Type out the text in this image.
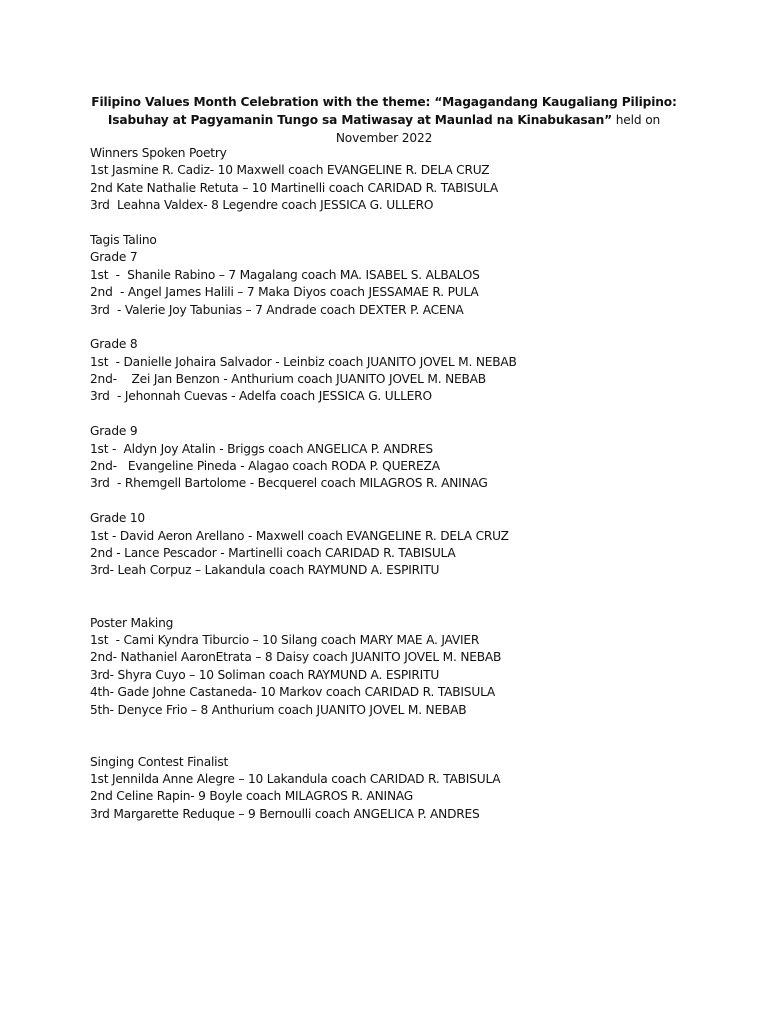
Filipino Values Month Celebration with the theme: “Magagandang Kaugaliang Pilipino: Isabuhay at Pagyamanin Tungo sa Matiwasay at Maunlad na Kinabukasan” held on November 2022
Winners Spoken Poetry
1st Jasmine R. Cadiz- 10 Maxwell coach EVANGELINE R. DELA CRUZ
2nd Kate Nathalie Retuta – 10 Martinelli coach CARIDAD R. TABISULA
3rd  Leahna Valdex- 8 Legendre coach JESSICA G. ULLERO
Tagis Talino
Grade 7
1st  -  Shanile Rabino – 7 Magalang coach MA. ISABEL S. ALBALOS
2nd  - Angel James Halili – 7 Maka Diyos coach JESSAMAE R. PULA
3rd  - Valerie Joy Tabunias – 7 Andrade coach DEXTER P. ACENA
Grade 8
1st  - Danielle Johaira Salvador - Leinbiz coach JUANITO JOVEL M. NEBAB
2nd-    Zei Jan Benzon - Anthurium coach JUANITO JOVEL M. NEBAB
3rd  - Jehonnah Cuevas - Adelfa coach JESSICA G. ULLERO
Grade 9
1st -  Aldyn Joy Atalin - Briggs coach ANGELICA P. ANDRES
2nd-   Evangeline Pineda - Alagao coach RODA P. QUEREZA
3rd  - Rhemgell Bartolome - Becquerel coach MILAGROS R. ANINAG
Grade 10
1st - David Aeron Arellano - Maxwell coach EVANGELINE R. DELA CRUZ
2nd - Lance Pescador - Martinelli coach CARIDAD R. TABISULA
3rd- Leah Corpuz – Lakandula coach RAYMUND A. ESPIRITU
Poster Making
1st  - Cami Kyndra Tiburcio – 10 Silang coach MARY MAE A. JAVIER
2nd- Nathaniel AaronEtrata – 8 Daisy coach JUANITO JOVEL M. NEBAB
3rd- Shyra Cuyo – 10 Soliman coach RAYMUND A. ESPIRITU
4th- Gade Johne Castaneda- 10 Markov coach CARIDAD R. TABISULA
5th- Denyce Frio – 8 Anthurium coach JUANITO JOVEL M. NEBAB
Singing Contest Finalist
1st Jennilda Anne Alegre – 10 Lakandula coach CARIDAD R. TABISULA
2nd Celine Rapin- 9 Boyle coach MILAGROS R. ANINAG
3rd Margarette Reduque – 9 Bernoulli coach ANGELICA P. ANDRES
